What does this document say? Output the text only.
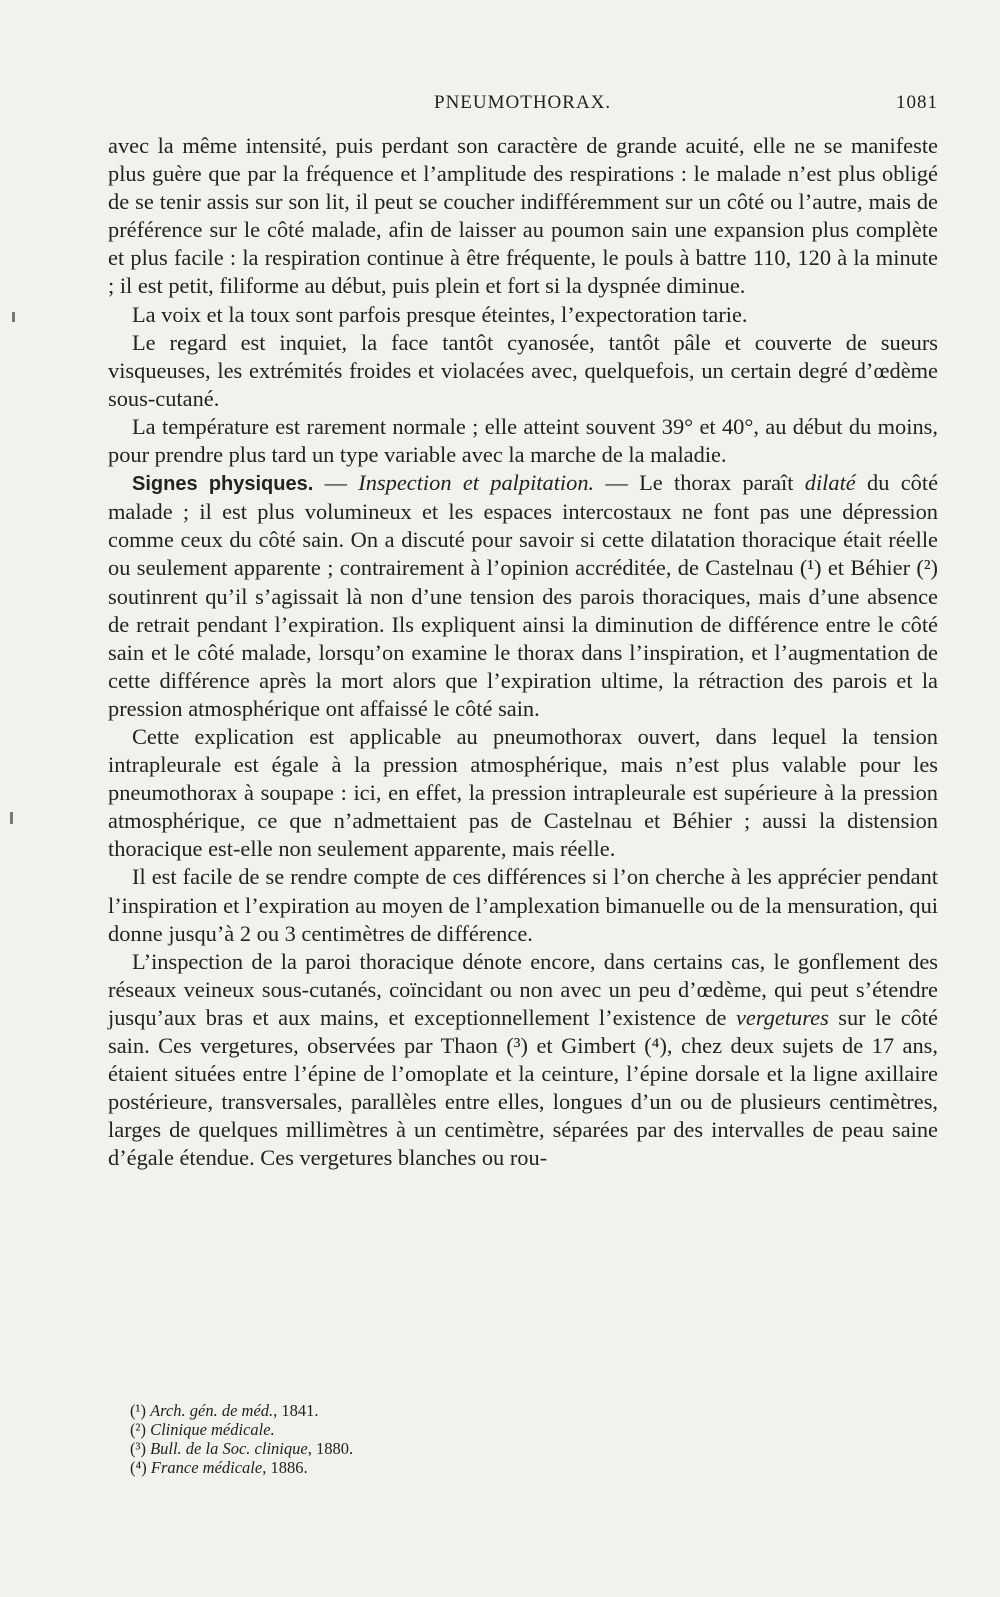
PNEUMOTHORAX.	1081

avec la même intensité, puis perdant son caractère de grande acuité, elle ne se manifeste plus guère que par la fréquence et l’amplitude des respirations : le malade n’est plus obligé de se tenir assis sur son lit, il peut se coucher indifféremment sur un côté ou l’autre, mais de préférence sur le côté malade, afin de laisser au poumon sain une expansion plus complète et plus facile : la respiration continue à être fréquente, le pouls à battre 110, 120 à la minute ; il est petit, filiforme au début, puis plein et fort si la dyspnée diminue.

La voix et la toux sont parfois presque éteintes, l’expectoration tarie.

Le regard est inquiet, la face tantôt cyanosée, tantôt pâle et couverte de sueurs visqueuses, les extrémités froides et violacées avec, quelquefois, un certain degré d’œdème sous-cutané.

La température est rarement normale ; elle atteint souvent 39° et 40°, au début du moins, pour prendre plus tard un type variable avec la marche de la maladie.

Signes physiques. — Inspection et palpitation. — Le thorax paraît dilaté du côté malade ; il est plus volumineux et les espaces intercostaux ne font pas une dépression comme ceux du côté sain. On a discuté pour savoir si cette dilatation thoracique était réelle ou seulement apparente ; contrairement à l’opinion accréditée, de Castelnau (¹) et Béhier (²) soutinrent qu’il s’agissait là non d’une tension des parois thoraciques, mais d’une absence de retrait pendant l’expiration. Ils expliquent ainsi la diminution de différence entre le côté sain et le côté malade, lorsqu’on examine le thorax dans l’inspiration, et l’augmentation de cette différence après la mort alors que l’expiration ultime, la rétraction des parois et la pression atmosphérique ont affaissé le côté sain.

Cette explication est applicable au pneumothorax ouvert, dans lequel la tension intrapleurale est égale à la pression atmosphérique, mais n’est plus valable pour les pneumothorax à soupape : ici, en effet, la pression intrapleurale est supérieure à la pression atmosphérique, ce que n’admettaient pas de Castelnau et Béhier ; aussi la distension thoracique est-elle non seulement apparente, mais réelle.

Il est facile de se rendre compte de ces différences si l’on cherche à les apprécier pendant l’inspiration et l’expiration au moyen de l’amplexation bimanuelle ou de la mensuration, qui donne jusqu’à 2 ou 3 centimètres de différence.

L’inspection de la paroi thoracique dénote encore, dans certains cas, le gonflement des réseaux veineux sous-cutanés, coïncidant ou non avec un peu d’œdème, qui peut s’étendre jusqu’aux bras et aux mains, et exceptionnellement l’existence de vergetures sur le côté sain. Ces vergetures, observées par Thaon (³) et Gimbert (⁴), chez deux sujets de 17 ans, étaient situées entre l’épine de l’omoplate et la ceinture, l’épine dorsale et la ligne axillaire postérieure, transversales, parallèles entre elles, longues d’un ou de plusieurs centimètres, larges de quelques millimètres à un centimètre, séparées par des intervalles de peau saine d’égale étendue. Ces vergetures blanches ou rou-

(¹) Arch. gén. de méd., 1841.
(²) Clinique médicale.
(³) Bull. de la Soc. clinique, 1880.
(⁴) France médicale, 1886.
